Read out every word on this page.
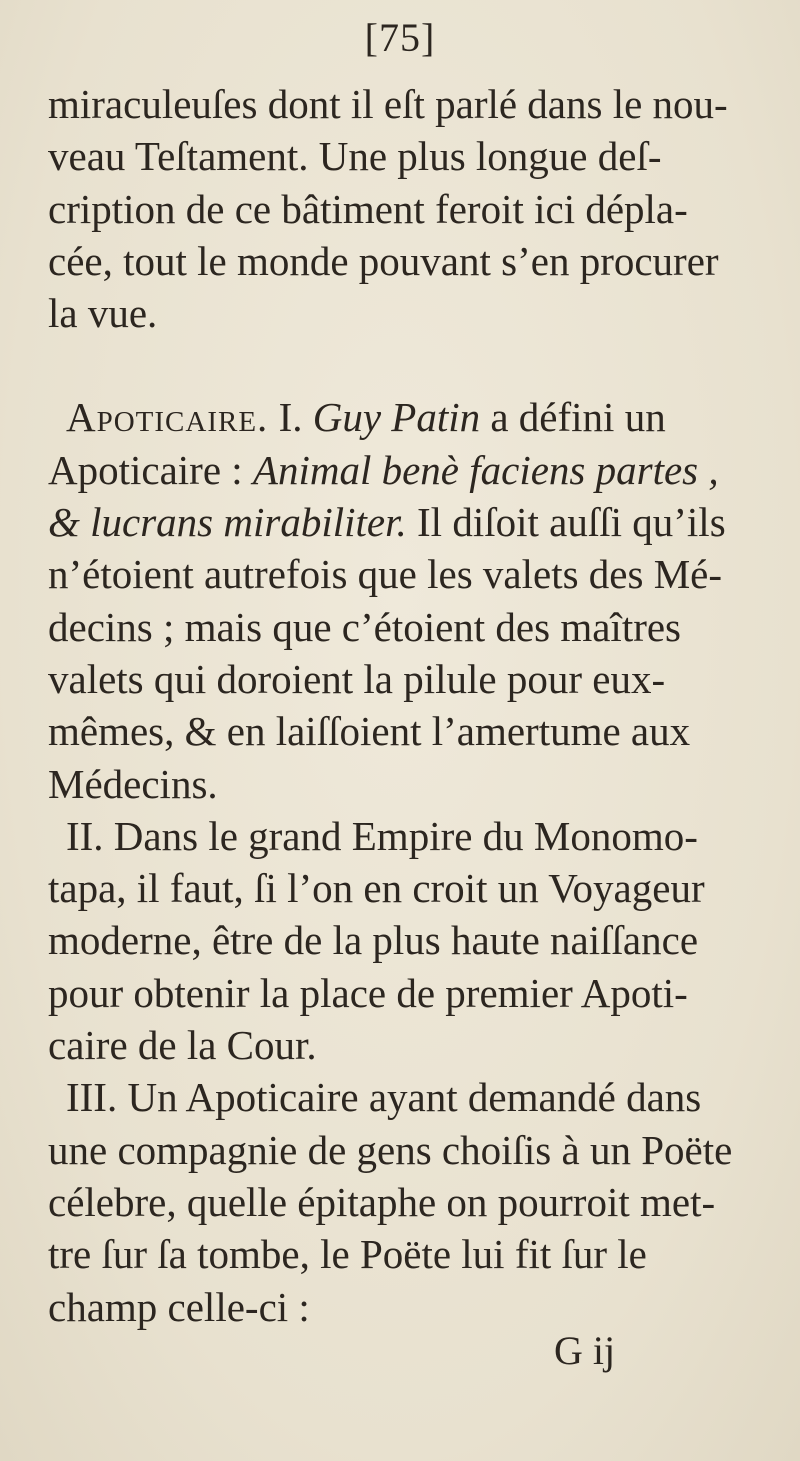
[75]
miraculeuſes dont il eſt parlé dans le nou-
veau Teſtament. Une plus longue deſ-
cription de ce bâtiment feroit ici dépla-
cée, tout le monde pouvant s’en procurer
la vue.
Apoticaire. I. Guy Patin a défini un
Apoticaire : Animal benè faciens partes ,
& lucrans mirabiliter. Il diſoit auſſi qu’ils
n’étoient autrefois que les valets des Mé-
decins ; mais que c’étoient des maîtres
valets qui doroient la pilule pour eux-
mêmes, & en laiſſoient l’amertume aux
Médecins.
II. Dans le grand Empire du Monomo-
tapa, il faut, ſi l’on en croit un Voyageur
moderne, être de la plus haute naiſſance
pour obtenir la place de premier Apoti-
caire de la Cour.
III. Un Apoticaire ayant demandé dans
une compagnie de gens choiſis à un Poëte
célebre, quelle épitaphe on pourroit met-
tre ſur ſa tombe, le Poëte lui fit ſur le
champ celle-ci :
G ij
